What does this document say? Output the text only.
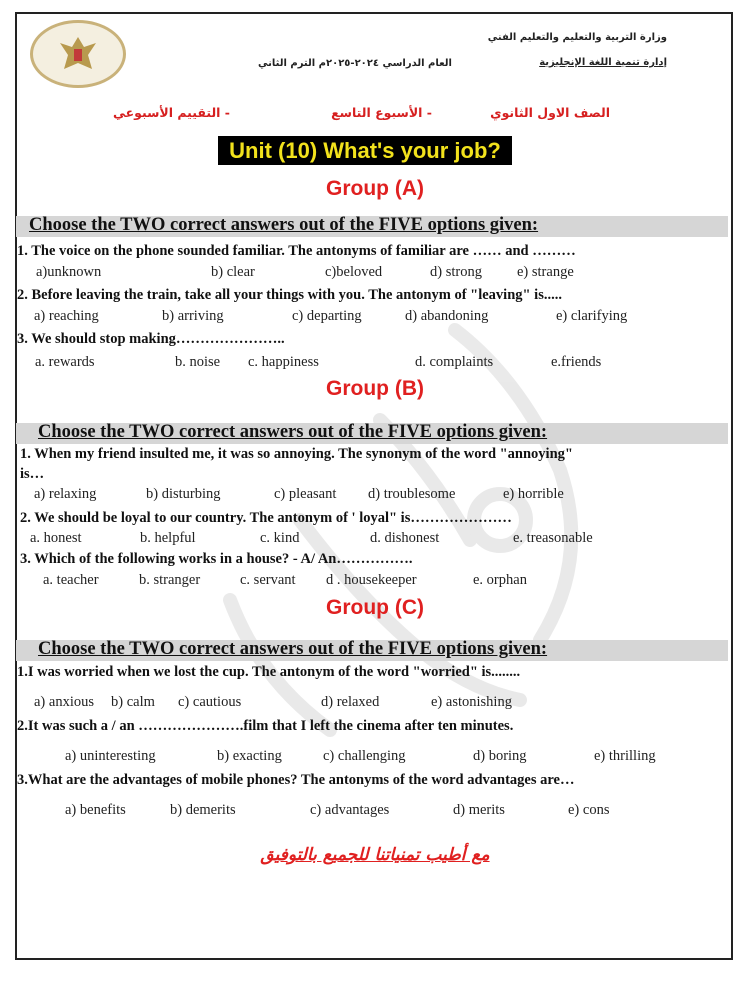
وزارة التربية والتعليم والتعليم الفني
إدارة تنمية اللغة الإنجليزية
العام الدراسي ٢٠٢٤-٢٠٢٥م الترم الثاني
الصف الاول الثانوي
- الأسبوع التاسع
- التقييم الأسبوعي
Unit (10) What's your job?
Group (A)
Choose the TWO correct answers out of the FIVE options given:
1. The voice on the phone sounded familiar. The antonyms of familiar are …… and ………
a)unknown	b) clear	c)beloved	d) strong e) strange
2. Before leaving the train, take all your things with you. The antonym of "leaving" is.....
a) reaching	b) arriving	c) departing	d) abandoning	e) clarifying
3. We should stop making…………………..
a. rewards	b. noise c. happiness	d. complaints	e.friends
Group (B)
Choose the TWO correct answers out of the FIVE options given:
1. When my friend insulted me, it was so annoying. The synonym of the word "annoying"
is…
a) relaxing	b) disturbing	c) pleasant d) troublesome	e) horrible
2. We should be loyal to our country. The antonym of ' loyal" is…………………
a. honest	b. helpful	c. kind	d. dishonest	e. treasonable
3. Which of the following works in a house? - A/ An…………….
a. teacher	b. stranger	c. servant d . housekeeper	e. orphan
Group (C)
Choose the TWO correct answers out of the FIVE options given:
1.I was worried when we lost the cup. The antonym of the word "worried" is........
a) anxious b) calm c) cautious	d) relaxed	e) astonishing
2.It was such a / an ………………….film that I left the cinema after ten minutes.
a) uninteresting	b) exacting	c) challenging	d) boring	e) thrilling
3.What are the advantages of mobile phones? The antonyms of the word advantages are…
a) benefits	b) demerits	c) advantages	d) merits	e) cons
مع أطيب تمنياتنا للجميع بالتوفيق
